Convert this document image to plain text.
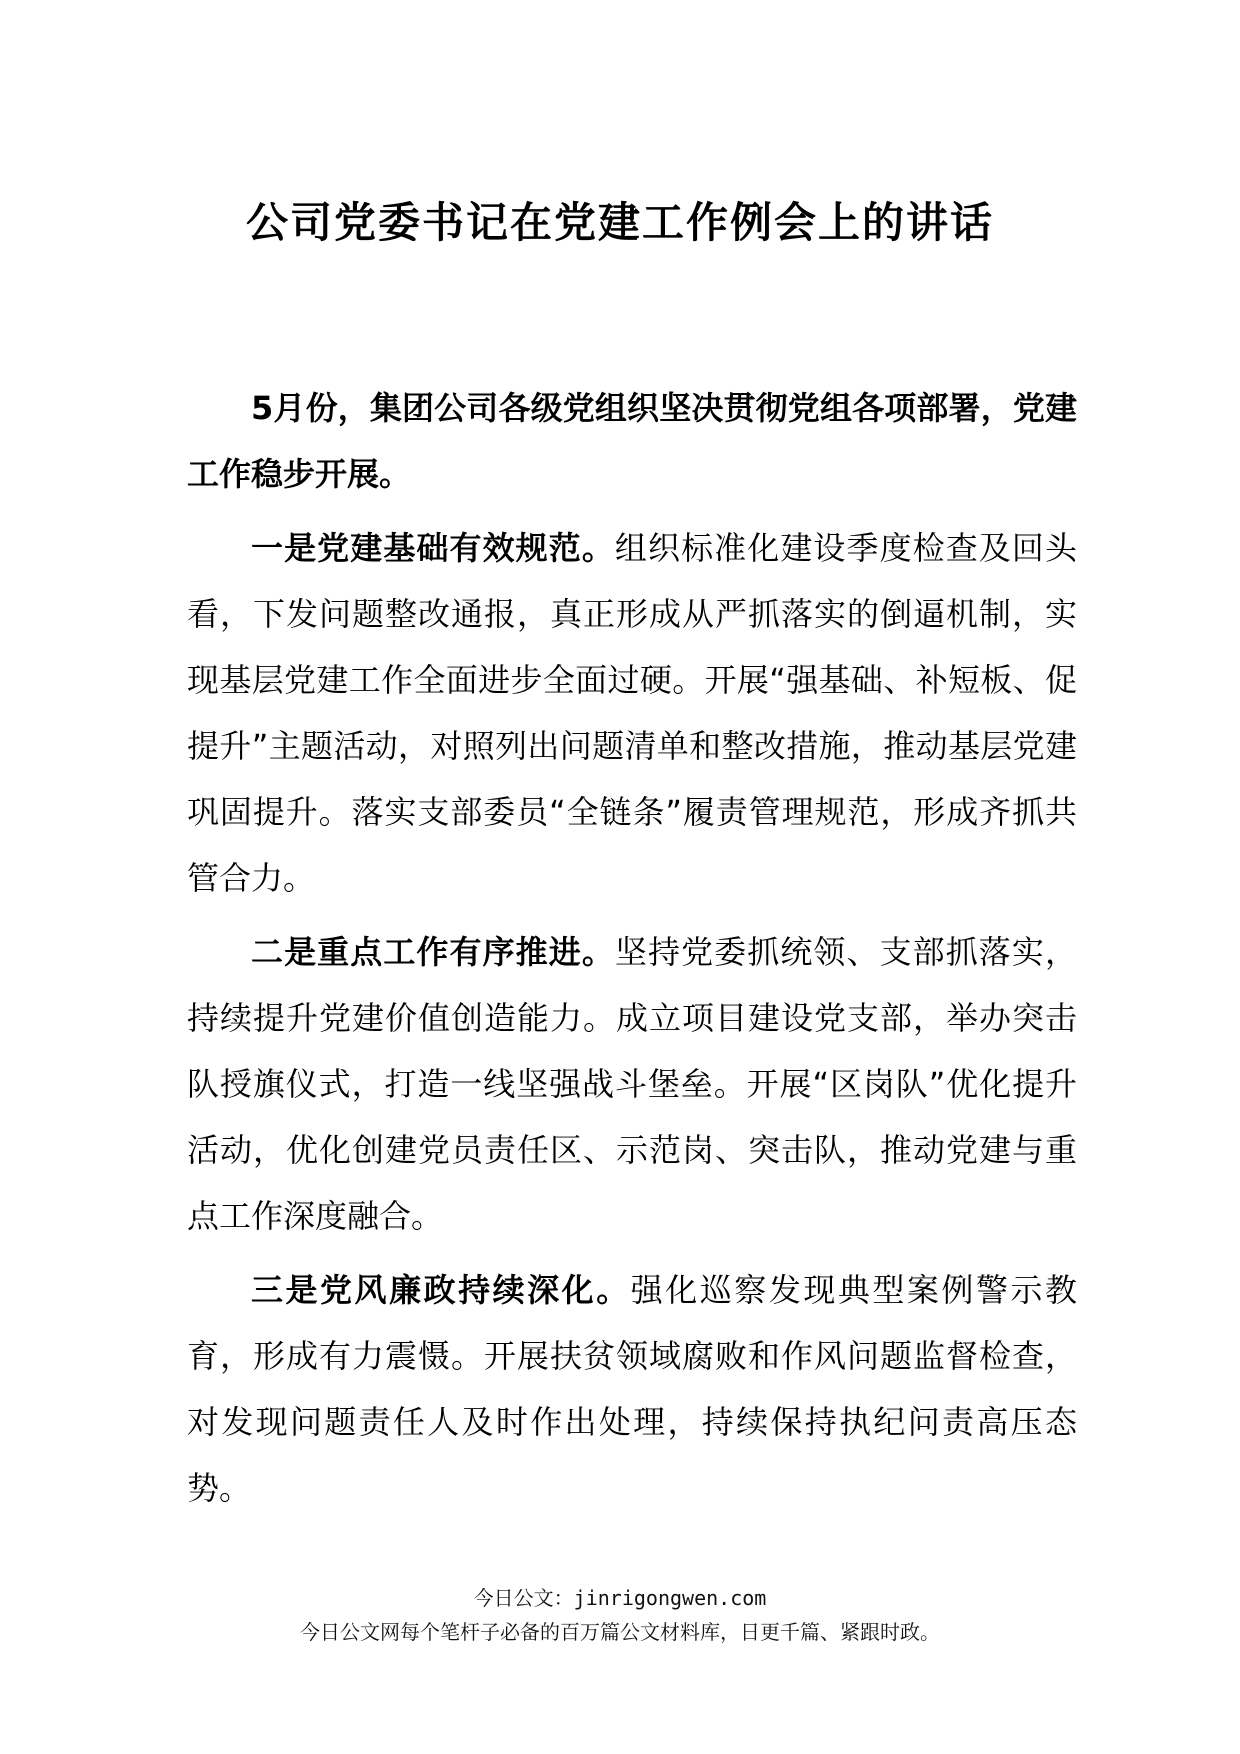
公司党委书记在党建工作例会上的讲话

5月份，集团公司各级党组织坚决贯彻党组各项部署，党建工作稳步开展。

一是党建基础有效规范。组织标准化建设季度检查及回头看，下发问题整改通报，真正形成从严抓落实的倒逼机制，实现基层党建工作全面进步全面过硬。开展“强基础、补短板、促提升”主题活动，对照列出问题清单和整改措施，推动基层党建巩固提升。落实支部委员“全链条”履责管理规范，形成齐抓共管合力。

二是重点工作有序推进。坚持党委抓统领、支部抓落实，持续提升党建价值创造能力。成立项目建设党支部，举办突击队授旗仪式，打造一线坚强战斗堡垒。开展“区岗队”优化提升活动，优化创建党员责任区、示范岗、突击队，推动党建与重点工作深度融合。

三是党风廉政持续深化。强化巡察发现典型案例警示教育，形成有力震慑。开展扶贫领域腐败和作风问题监督检查，对发现问题责任人及时作出处理，持续保持执纪问责高压态势。

今日公文：jinrigongwen.com
今日公文网每个笔杆子必备的百万篇公文材料库，日更千篇、紧跟时政。
